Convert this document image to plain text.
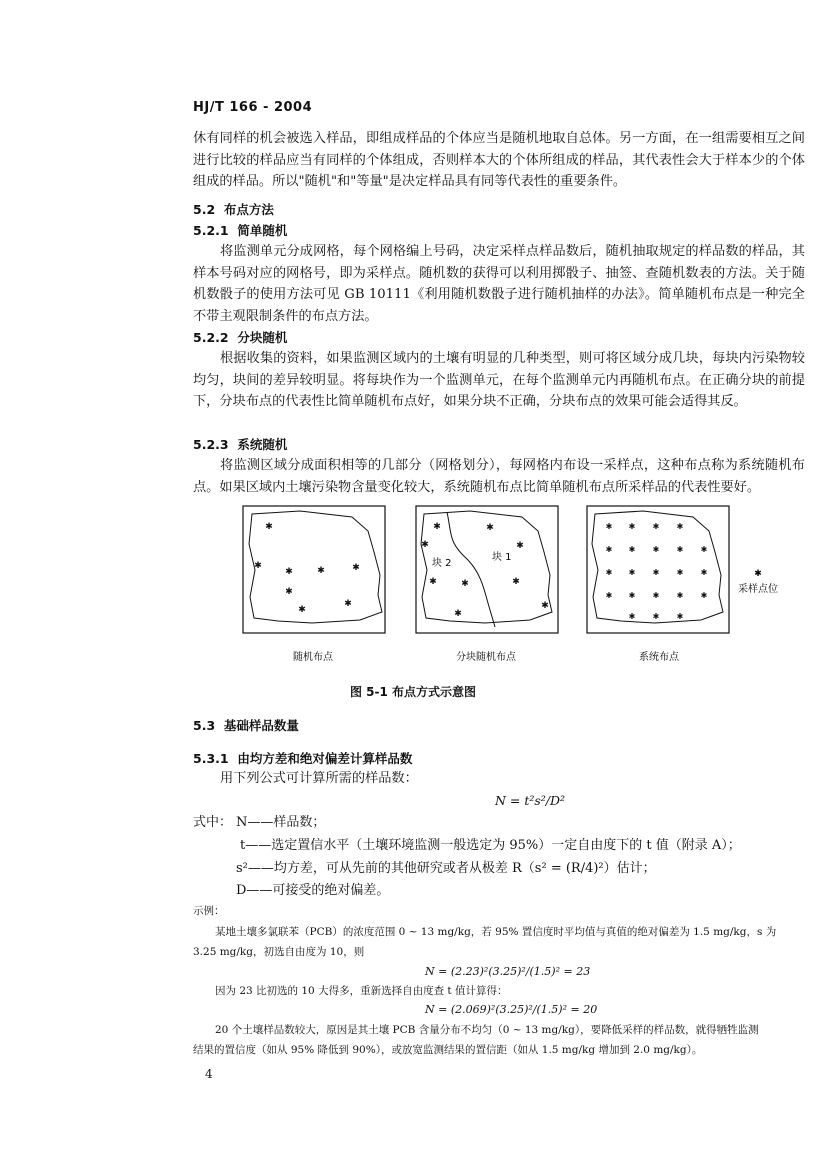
HJ/T 166 - 2004
休有同样的机会被选入样品，即组成样品的个体应当是随机地取自总体。另一方面，在一组需要相互之间进行比较的样品应当有同样的个体组成，否则样本大的个体所组成的样品，其代表性会大于样本少的个体组成的样品。所以"随机"和"等量"是决定样品具有同等代表性的重要条件。
5.2 布点方法
5.2.1 简单随机
将监测单元分成网格，每个网格编上号码，决定采样点样品数后，随机抽取规定的样品数的样品，其样本号码对应的网格号，即为采样点。随机数的获得可以利用掷骰子、抽签、查随机数表的方法。关于随机数骰子的使用方法可见 GB 10111《利用随机数骰子进行随机抽样的办法》。简单随机布点是一种完全不带主观限制条件的布点方法。
5.2.2 分块随机
根据收集的资料，如果监测区域内的土壤有明显的几种类型，则可将区域分成几块，每块内污染物较均匀，块间的差异较明显。将每块作为一个监测单元，在每个监测单元内再随机布点。在正确分块的前提下，分块布点的代表性比简单随机布点好，如果分块不正确，分块布点的效果可能会适得其反。
5.2.3 系统随机
将监测区域分成面积相等的几部分（网格划分），每网格内布设一采样点，这种布点称为系统随机布点。如果区域内土壤污染物含量变化较大，系统随机布点比简单随机布点所采样品的代表性要好。
✱
✱
✱	✱	✱
✱
✱
✱
块 2
块 1
✱	✱
✱	✱
✱	✱	✱
✱
✱
✱ ✱ ✱ ✱
✱ ✱ ✱ ✱ ✱
✱ ✱ ✱ ✱ ✱
✱ ✱ ✱ ✱ ✱
✱ ✱ ✱
✱
采样点位
随机布点	分块随机布点	系统布点
图 5-1 布点方式示意图
5.3 基础样品数量
5.3.1 由均方差和绝对偏差计算样品数
用下列公式可计算所需的样品数：
N = t²s²/D²
式中： N——样品数；
t——选定置信水平（土壤环境监测一般选定为 95%）一定自由度下的 t 值（附录 A）；
s²——均方差，可从先前的其他研究或者从极差 R（s² = (R/4)²）估计；
D——可接受的绝对偏差。
示例：
某地土壤多氯联苯（PCB）的浓度范围 0 ~ 13 mg/kg，若 95% 置信度时平均值与真值的绝对偏差为 1.5 mg/kg，s 为
3.25 mg/kg，初选自由度为 10，则
N = (2.23)²(3.25)²/(1.5)² = 23
因为 23 比初选的 10 大得多，重新选择自由度查 t 值计算得：
N = (2.069)²(3.25)²/(1.5)² = 20
20 个土壤样品数较大，原因是其土壤 PCB 含量分布不均匀（0 ~ 13 mg/kg），要降低采样的样品数，就得牺牲监测
结果的置信度（如从 95% 降低到 90%），或放宽监测结果的置信距（如从 1.5 mg/kg 增加到 2.0 mg/kg）。
4
